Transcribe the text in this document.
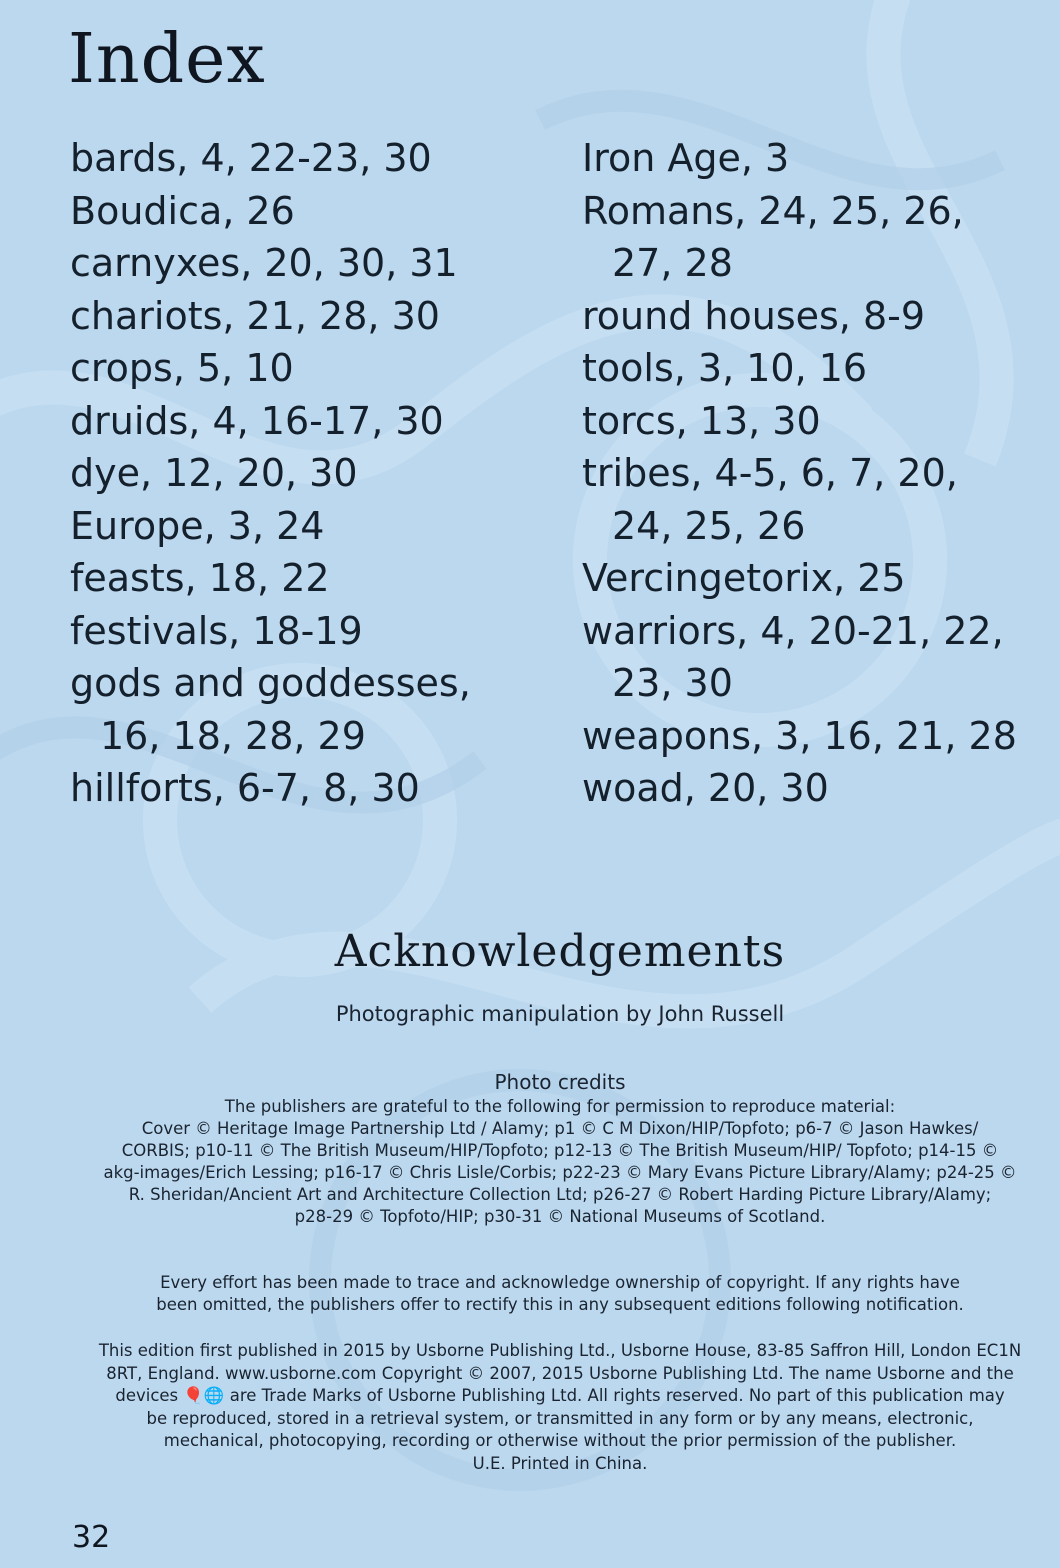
Index
bards, 4, 22-23, 30
Boudica, 26
carnyxes, 20, 30, 31
chariots, 21, 28, 30
crops, 5, 10
druids, 4, 16-17, 30
dye, 12, 20, 30
Europe, 3, 24
feasts, 18, 22
festivals, 18-19
gods and goddesses,
16, 18, 28, 29
hillforts, 6-7, 8, 30
Iron Age, 3
Romans, 24, 25, 26,
27, 28
round houses, 8-9
tools, 3, 10, 16
torcs, 13, 30
tribes, 4-5, 6, 7, 20,
24, 25, 26
Vercingetorix, 25
warriors, 4, 20-21, 22,
23, 30
weapons, 3, 16, 21, 28
woad, 20, 30
Acknowledgements
Photographic manipulation by John Russell
Photo credits
The publishers are grateful to the following for permission to reproduce material:
Cover © Heritage Image Partnership Ltd / Alamy; p1 © C M Dixon/HIP/Topfoto; p6-7 © Jason Hawkes/
CORBIS; p10-11 © The British Museum/HIP/Topfoto; p12-13 © The British Museum/HIP/ Topfoto; p14-15 ©
akg-images/Erich Lessing; p16-17 © Chris Lisle/Corbis; p22-23 © Mary Evans Picture Library/Alamy; p24-25 ©
R. Sheridan/Ancient Art and Architecture Collection Ltd; p26-27 © Robert Harding Picture Library/Alamy;
p28-29 © Topfoto/HIP; p30-31 © National Museums of Scotland.
Every effort has been made to trace and acknowledge ownership of copyright. If any rights have
been omitted, the publishers offer to rectify this in any subsequent editions following notification.
This edition first published in 2015 by Usborne Publishing Ltd., Usborne House, 83-85 Saffron Hill, London EC1N
8RT, England. www.usborne.com Copyright © 2007, 2015 Usborne Publishing Ltd. The name Usborne and the
devices 🎈🌐 are Trade Marks of Usborne Publishing Ltd. All rights reserved. No part of this publication may
be reproduced, stored in a retrieval system, or transmitted in any form or by any means, electronic,
mechanical, photocopying, recording or otherwise without the prior permission of the publisher.
U.E. Printed in China.
32
